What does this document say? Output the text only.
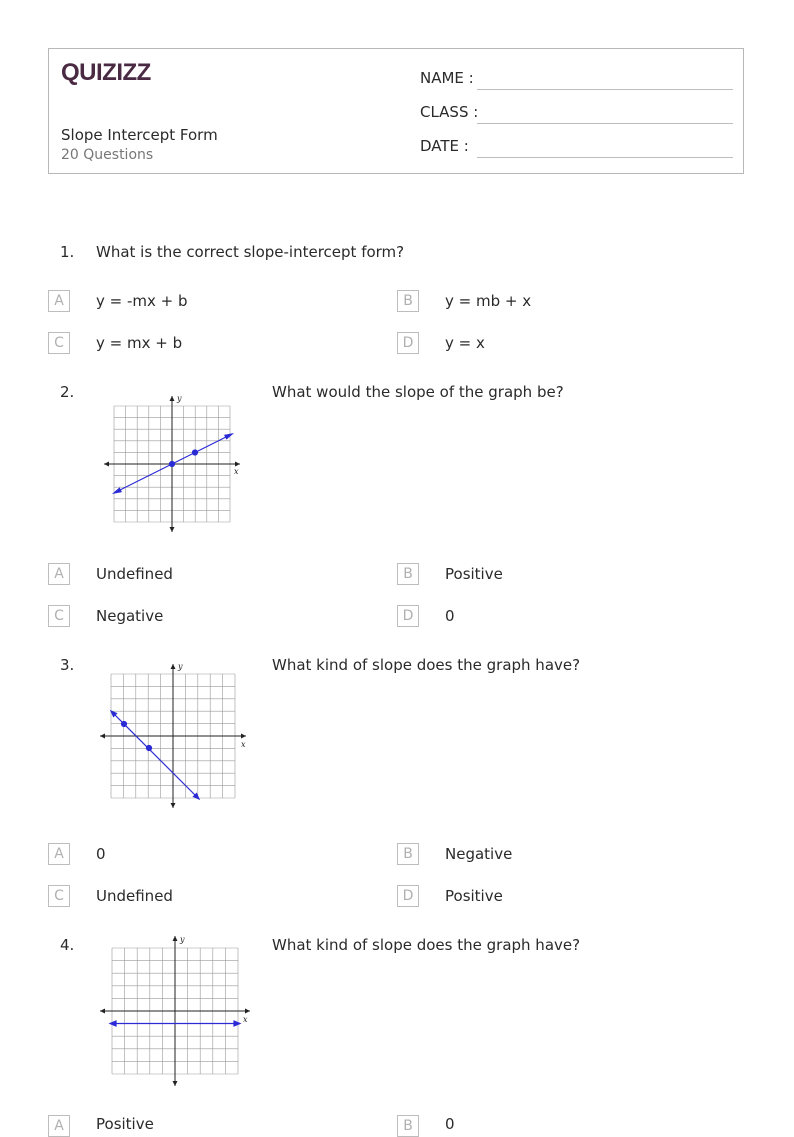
QUIZIZZ
Slope Intercept Form
20 Questions
NAME :
CLASS :
DATE :
1. What is the correct slope-intercept form?
A	y = -mx + b	B	y = mb + x
C	y = mx + b	D	y = x
2.	What would the slope of the graph be?
x
y
A	Undefined	B	Positive
C	Negative	D	0
3.	What kind of slope does the graph have?
x
y
A	0	B	Negative
C	Undefined	D	Positive
4.	What kind of slope does the graph have?
x
y
A	Positive	B	0
